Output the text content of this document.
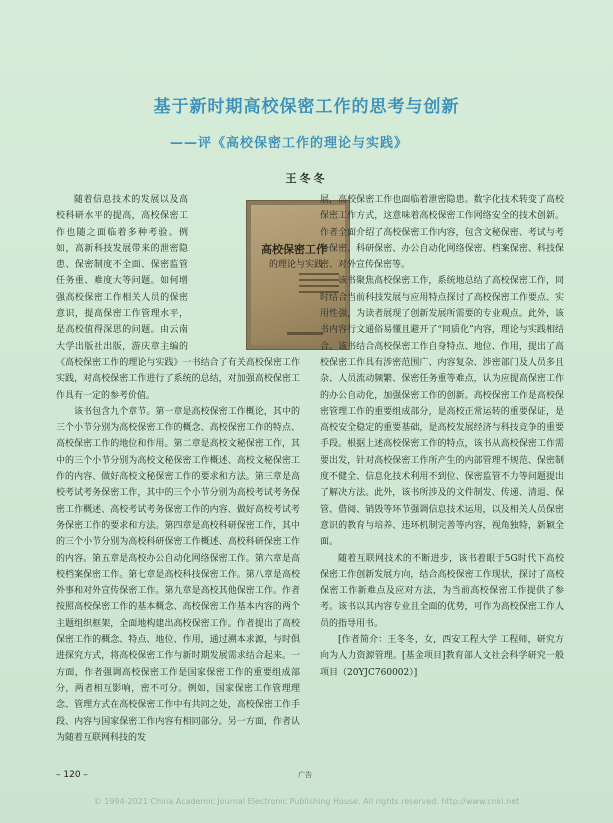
基于新时期高校保密工作的思考与创新
——评《高校保密工作的理论与实践》
王冬冬
高校保密工作
的理论与实践

随着信息技术的发展以及高校科研水平的提高，高校保密工作也随之面临着多种考验。例如，高新科技发展带来的泄密隐患、保密制度不全面、保密监管任务重、难度大等问题。如何增强高校保密工作相关人员的保密意识，提高保密工作管理水平，是高校值得深思的问题。由云南大学出版社出版，游庆章主编的《高校保密工作的理论与实践》一书结合了有关高校保密工作实践，对高校保密工作进行了系统的总结，对加强高校保密工作具有一定的参考价值。

该书包含九个章节。第一章是高校保密工作概论，其中的三个小节分别为高校保密工作的概念、高校保密工作的特点、高校保密工作的地位和作用。第二章是高校文秘保密工作，其中的三个小节分别为高校文秘保密工作概述、高校文秘保密工作的内容、做好高校文秘保密工作的要求和方法。第三章是高校考试考务保密工作，其中的三个小节分别为高校考试考务保密工作概述、高校考试考务保密工作的内容、做好高校考试考务保密工作的要求和方法。第四章是高校科研保密工作，其中的三个小节分别为高校科研保密工作概述、高校科研保密工作的内容。第五章是高校办公自动化网络保密工作。第六章是高校档案保密工作。第七章是高校科技保密工作。第八章是高校外事和对外宣传保密工作。第九章是高校其他保密工作。作者按照高校保密工作的基本概念、高校保密工作基本内容的两个主题组织框架，全面地构建出高校保密工作。作者提出了高校保密工作的概念、特点、地位、作用，通过溯本求源，与时俱进探究方式，将高校保密工作与新时期发展需求结合起来。一方面，作者强调高校保密工作是国家保密工作的重要组成部分，两者相互影响，密不可分。例如，国家保密工作管理理念、管理方式在高校保密工作中有共同之处，高校保密工作手段、内容与国家保密工作内容有相同部分。另一方面，作者认为随着互联网科技的发

展，高校保密工作也面临着泄密隐患。数字化技术转变了高校保密工作方式，这意味着高校保密工作网络安全的技术创新。作者全面介绍了高校保密工作内容，包含文秘保密、考试与考务保密、科研保密、办公自动化网络保密、档案保密、科技保密、对外宣传保密等。

该书聚焦高校保密工作，系统地总结了高校保密工作，同时结合当前科技发展与应用特点探讨了高校保密工作要点、实用性强，为读者展现了创新发展所需要的专业观点。此外，该书内容行文通俗易懂且避开了“同质化”内容，理论与实践相结合。该书结合高校保密工作自身特点、地位、作用，提出了高校保密工作具有涉密范围广、内容复杂、涉密部门及人员多且杂、人员流动频繁、保密任务重等难点，认为应提高保密工作的办公自动化，加强保密工作的创新。高校保密工作是高校保密管理工作的重要组成部分，是高校正常运转的重要保证，是高校安全稳定的重要基础，是高校发展经济与科技竞争的重要手段。根据上述高校保密工作的特点，该书从高校保密工作需要出发，针对高校保密工作所产生的内部管理不规范、保密制度不健全、信息化技术利用不到位、保密监管不力等问题提出了解决方法。此外，该书所涉及的文件制发、传递、清退、保管、借阅、销毁等环节强调信息技术运用，以及相关人员保密意识的教育与培养、违环机制完善等内容，视角独特，新颖全面。

随着互联网技术的不断进步，该书着眼于5G时代下高校保密工作创新发展方向，结合高校保密工作现状，探讨了高校保密工作新难点及应对方法，为当前高校保密工作提供了参考。该书以其内容专业且全面的优势，可作为高校保密工作人员的指导用书。

[作者简介：王冬冬，女，西安工程大学 工程师，研究方向为人力资源管理。[基金项目]教育部人文社会科学研究一般项目（20YJC760002）]

– 120 –	广告
© 1994-2021 China Academic Journal Electronic Publishing House. All rights reserved. http://www.cnki.net
